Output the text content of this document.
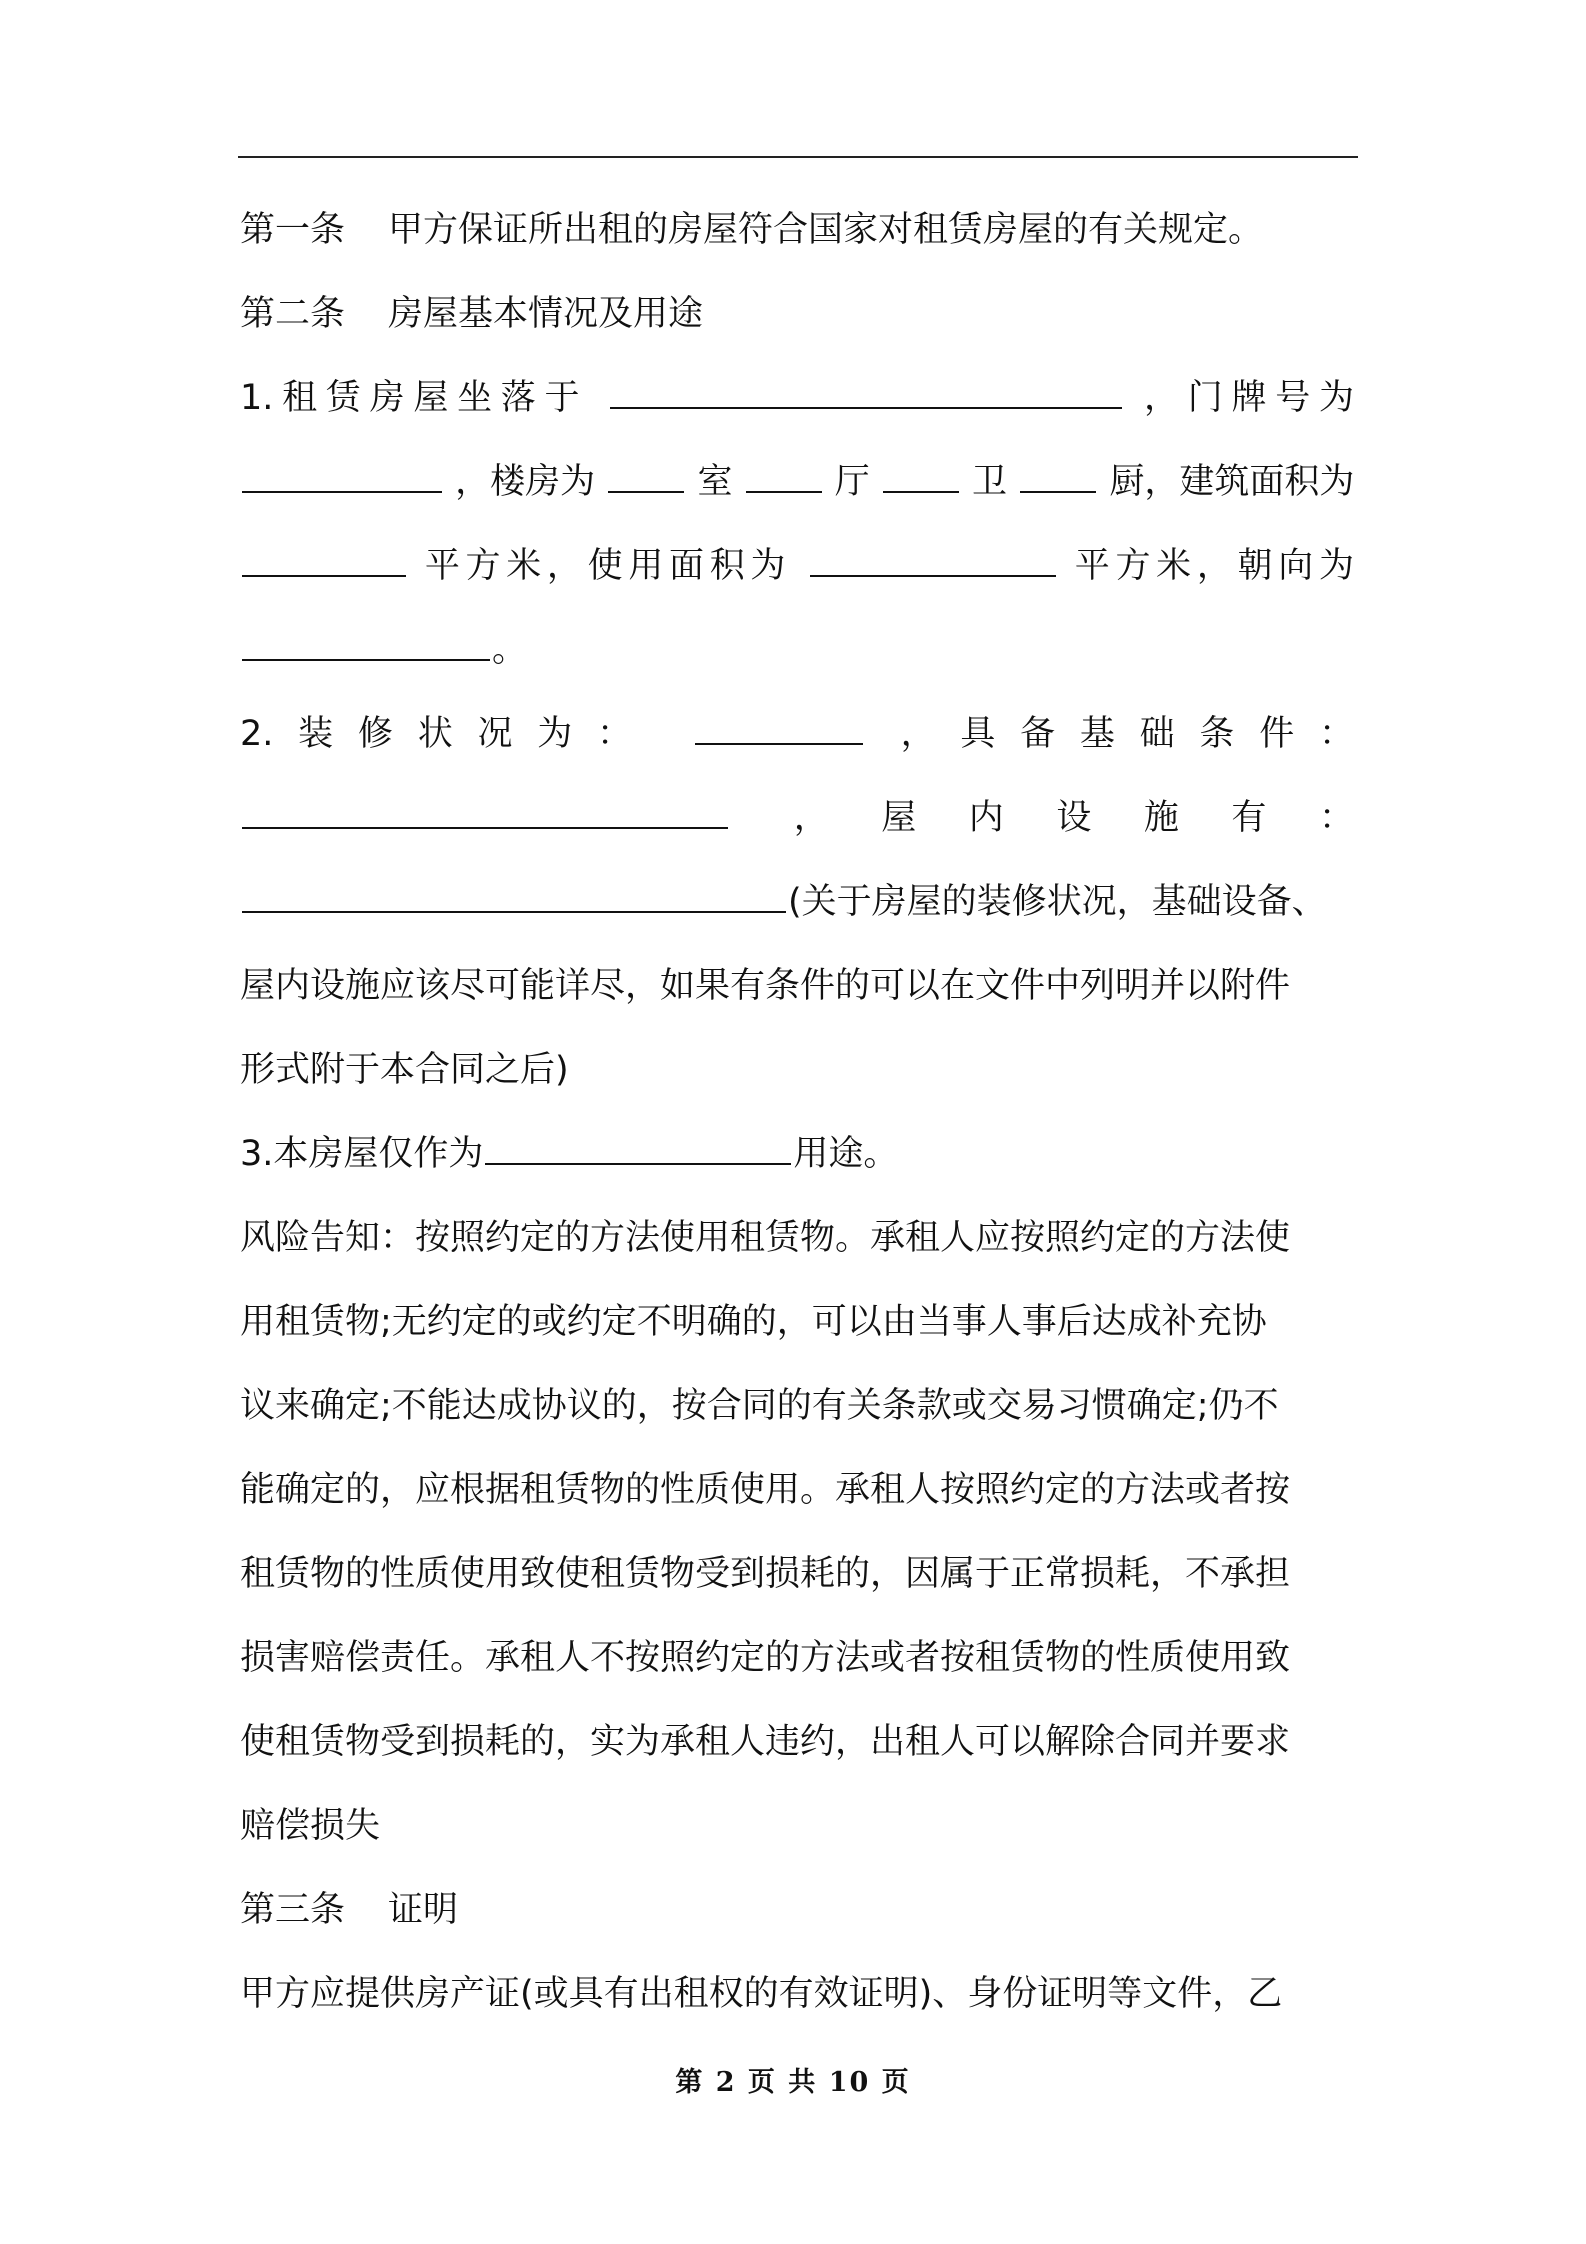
第一条 甲方保证所出租的房屋符合国家对租赁房屋的有关规定。
第二条 房屋基本情况及用途
1.租赁房屋坐落于	，门牌号为
，楼房为	室	厅	卫	厨，建筑面积为
平方米，使用面积为	平方米，朝向为
。
2.装修状况为：	，具备基础条件：
，屋内设施有：
(关于房屋的装修状况，基础设备、
屋内设施应该尽可能详尽，如果有条件的可以在文件中列明并以附件
形式附于本合同之后)
3.本房屋仅作为	用途。
风险告知：按照约定的方法使用租赁物。承租人应按照约定的方法使
用租赁物;无约定的或约定不明确的，可以由当事人事后达成补充协
议来确定;不能达成协议的，按合同的有关条款或交易习惯确定;仍不
能确定的，应根据租赁物的性质使用。承租人按照约定的方法或者按
租赁物的性质使用致使租赁物受到损耗的，因属于正常损耗，不承担
损害赔偿责任。承租人不按照约定的方法或者按租赁物的性质使用致
使租赁物受到损耗的，实为承租人违约，出租人可以解除合同并要求
赔偿损失
第三条 证明
甲方应提供房产证(或具有出租权的有效证明)、身份证明等文件，乙
第 2 页 共 10 页
